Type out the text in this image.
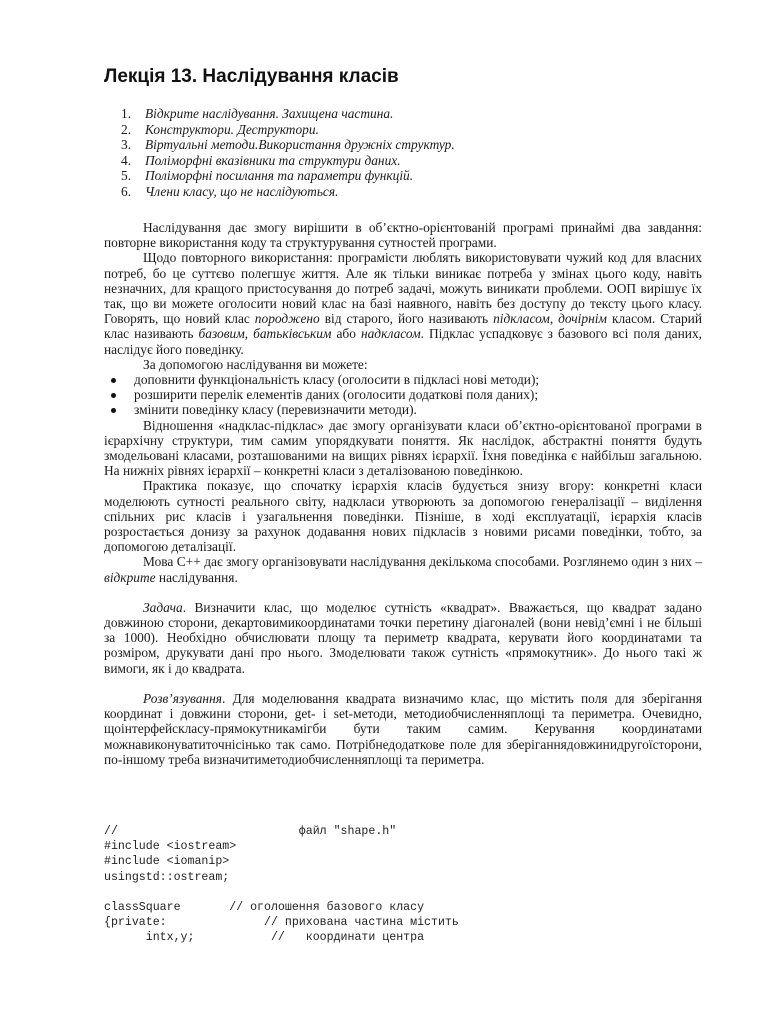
Лекція 13. Наслідування класів
1. Відкрите наслідування. Захищена частина.
2. Конструктори. Деструктори.
3. Віртуальні методи.Використання дружніх структур.
4. Поліморфні вказівники та структури даних.
5. Поліморфні посилання та параметри функцій.
6. Члени класу, що не наслідуються.

Наслідування дає змогу вирішити в об’єктно-орієнтованій програмі принаймі два завдання: повторне використання коду та структурування сутностей програми.

Щодо повторного використання: програмісти люблять використовувати чужий код для власних потреб, бо це суттєво полегшує життя. Але як тільки виникає потреба у змінах цього коду, навіть незначних, для кращого пристосування до потреб задачі, можуть виникати проблеми. ООП вирішує їх так, що ви можете оголосити новий клас на базі наявного, навіть без доступу до тексту цього класу. Говорять, що новий клас породжено від старого, його називають підкласом, дочірнім класом. Старий клас називають базовим, батьківським або надкласом. Підклас успадковує з базового всі поля даних, наслідує його поведінку.

За допомогою наслідування ви можете:

доповнити функціональність класу (оголосити в підкласі нові методи);
розширити перелік елементів даних (оголосити додаткові поля даних);
змінити поведінку класу (перевизначити методи).

Відношення «надклас-підклас» дає змогу організувати класи об’єктно-орієнтованої програми в ієрархічну структури, тим самим упорядкувати поняття. Як наслідок, абстрактні поняття будуть змодельовані класами, розташованими на вищих рівнях ієрархії. Їхня поведінка є найбільш загальною. На нижніх рівнях ієрархії – конкретні класи з деталізованою поведінкою.

Практика показує, що спочатку ієрархія класів будується знизу вгору: конкретні класи моделюють сутності реального світу, надкласи утворюють за допомогою генералізації – виділення спільних рис класів і узагальнення поведінки. Пізніше, в ході експлуатації, ієрархія класів розростається донизу за рахунок додавання нових підкласів з новими рисами поведінки, тобто, за допомогою деталізації.

Мова С++ дає змогу організовувати наслідування декількома способами. Розглянемо один з них – відкрите наслідування.

Задача. Визначити клас, що моделює сутність «квадрат». Вважається, що квадрат задано довжиною сторони, декартовимикоординатами точки перетину діагоналей (вони невід’ємні і не більші за 1000). Необхідно обчислювати площу та периметр квадрата, керувати його координатами та розміром, друкувати дані про нього. Змоделювати також сутність «прямокутник». До нього такі ж вимоги, як і до квадрата.

Розв’язування. Для моделювання квадрата визначимо клас, що містить поля для зберігання координат і довжини сторони, get- і set-методи, методиобчисленняплощі та периметра. Очевидно, щоінтерфейскласу-прямокутникамігби бути таким самим. Керування координатами можнавиконуватиточнісінько так само. Потрібнедодаткове поле для зберіганнядовжинидругоїсторони, по-іншому треба визначитиметодиобчисленняплощі та периметра.

//                          файл "shape.h"
#include <iostream>
#include <iomanip>
usingstd::ostream;

classSquare       // оголошення базового класу
{private:              // прихована частина містить
intx,y;           //   координати центра
